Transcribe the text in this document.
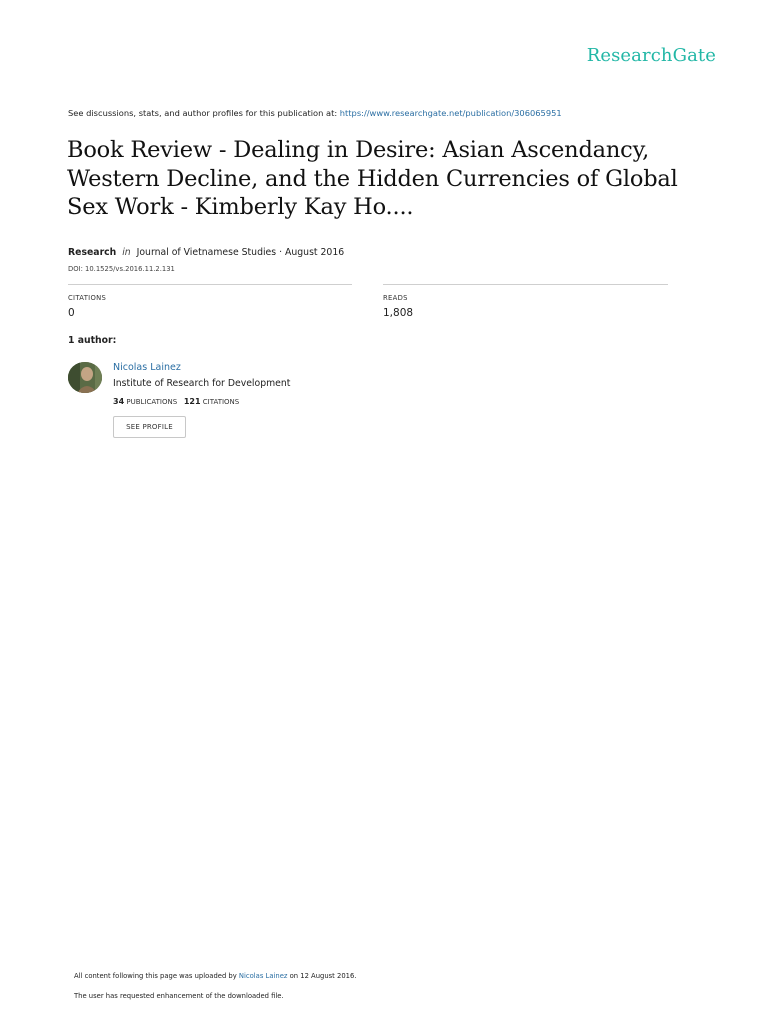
ResearchGate
See discussions, stats, and author profiles for this publication at: https://www.researchgate.net/publication/306065951
Book Review - Dealing in Desire: Asian Ascendancy, Western Decline, and the Hidden Currencies of Global Sex Work - Kimberly Kay Ho....
Research in Journal of Vietnamese Studies · August 2016
DOI: 10.1525/vs.2016.11.2.131
CITATIONS
0
READS
1,808
1 author:
Nicolas Lainez
Institute of Research for Development
34 PUBLICATIONS 121 CITATIONS
SEE PROFILE
All content following this page was uploaded by Nicolas Lainez on 12 August 2016.
The user has requested enhancement of the downloaded file.
